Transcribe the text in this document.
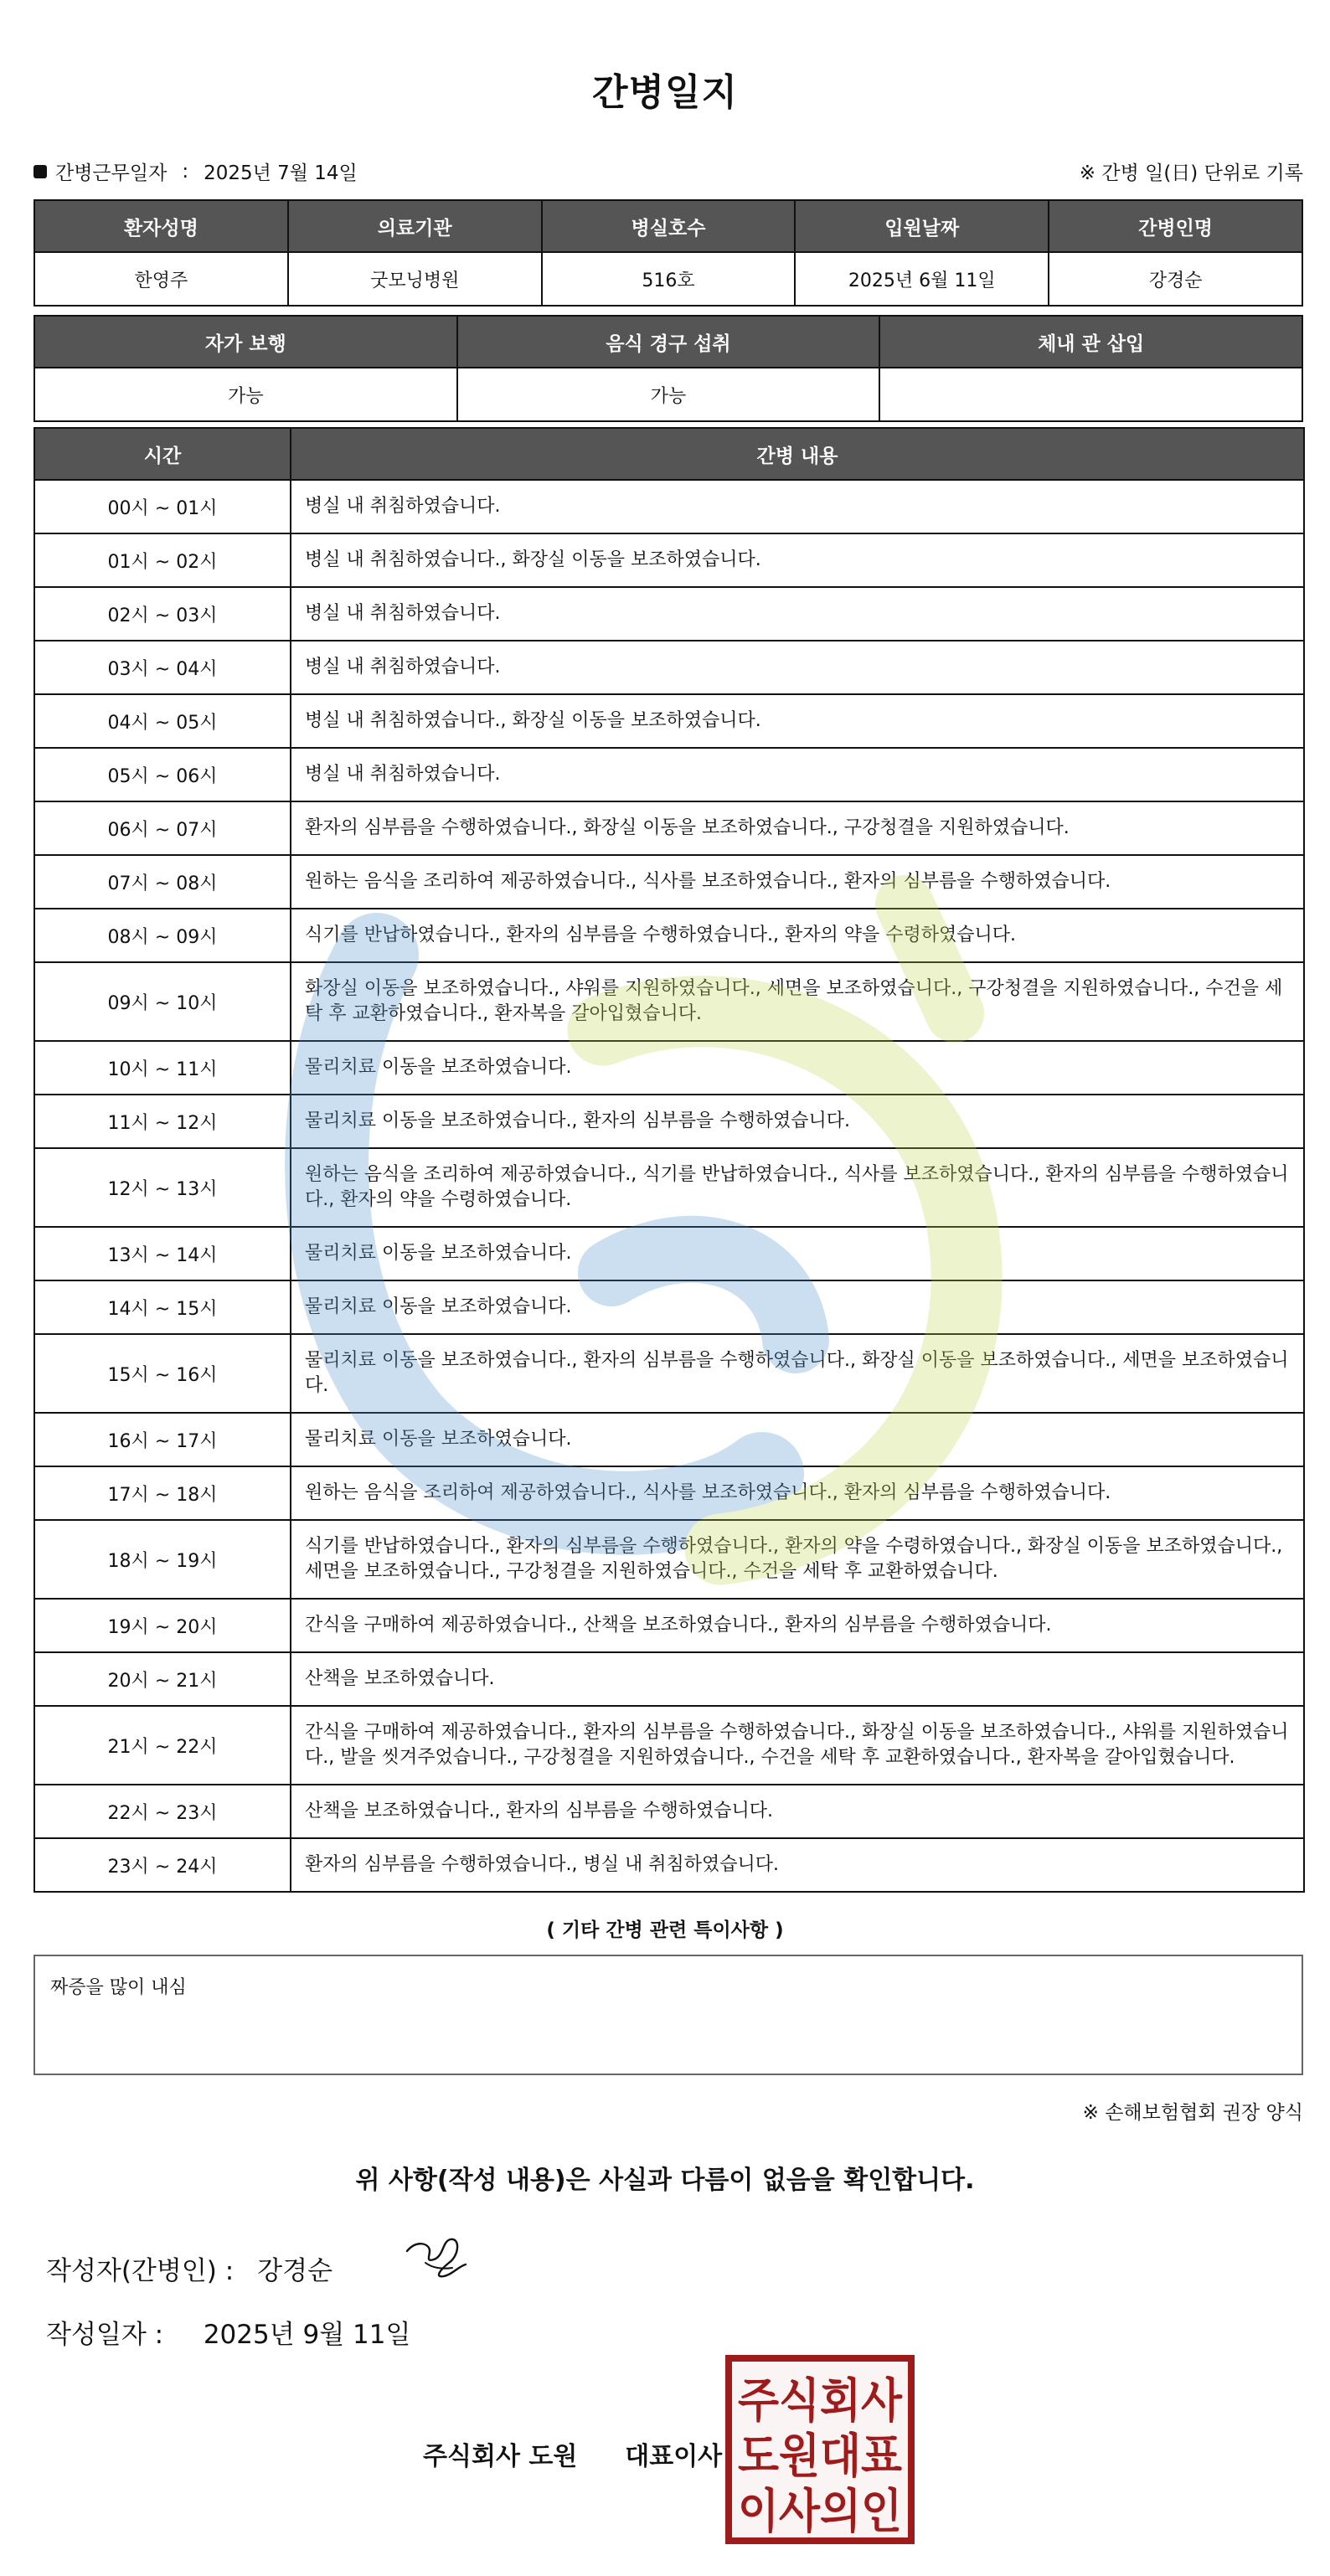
간병일지
간병근무일자 : 2025년 7월 14일	※ 간병 일(日) 단위로 기록
환자성명	의료기관	병실호수	입원날짜	간병인명
한영주	굿모닝병원	516호	2025년 6월 11일	강경순
자가 보행	음식 경구 섭취	체내 관 삽입
가능	가능	
시간	간병 내용
00시 ~ 01시	병실 내 취침하였습니다.
01시 ~ 02시	병실 내 취침하였습니다., 화장실 이동을 보조하였습니다.
02시 ~ 03시	병실 내 취침하였습니다.
03시 ~ 04시	병실 내 취침하였습니다.
04시 ~ 05시	병실 내 취침하였습니다., 화장실 이동을 보조하였습니다.
05시 ~ 06시	병실 내 취침하였습니다.
06시 ~ 07시	환자의 심부름을 수행하였습니다., 화장실 이동을 보조하였습니다., 구강청결을 지원하였습니다.
07시 ~ 08시	원하는 음식을 조리하여 제공하였습니다., 식사를 보조하였습니다., 환자의 심부름을 수행하였습니다.
08시 ~ 09시	식기를 반납하였습니다., 환자의 심부름을 수행하였습니다., 환자의 약을 수령하였습니다.
09시 ~ 10시	화장실 이동을 보조하였습니다., 샤워를 지원하였습니다., 세면을 보조하였습니다., 구강청결을 지원하였습니다., 수건을 세탁 후 교환하였습니다., 환자복을 갈아입혔습니다.
10시 ~ 11시	물리치료 이동을 보조하였습니다.
11시 ~ 12시	물리치료 이동을 보조하였습니다., 환자의 심부름을 수행하였습니다.
12시 ~ 13시	원하는 음식을 조리하여 제공하였습니다., 식기를 반납하였습니다., 식사를 보조하였습니다., 환자의 심부름을 수행하였습니다., 환자의 약을 수령하였습니다.
13시 ~ 14시	물리치료 이동을 보조하였습니다.
14시 ~ 15시	물리치료 이동을 보조하였습니다.
15시 ~ 16시	물리치료 이동을 보조하였습니다., 환자의 심부름을 수행하였습니다., 화장실 이동을 보조하였습니다., 세면을 보조하였습니다.
16시 ~ 17시	물리치료 이동을 보조하였습니다.
17시 ~ 18시	원하는 음식을 조리하여 제공하였습니다., 식사를 보조하였습니다., 환자의 심부름을 수행하였습니다.
18시 ~ 19시	식기를 반납하였습니다., 환자의 심부름을 수행하였습니다., 환자의 약을 수령하였습니다., 화장실 이동을 보조하였습니다., 세면을 보조하였습니다., 구강청결을 지원하였습니다., 수건을 세탁 후 교환하였습니다.
19시 ~ 20시	간식을 구매하여 제공하였습니다., 산책을 보조하였습니다., 환자의 심부름을 수행하였습니다.
20시 ~ 21시	산책을 보조하였습니다.
21시 ~ 22시	간식을 구매하여 제공하였습니다., 환자의 심부름을 수행하였습니다., 화장실 이동을 보조하였습니다., 샤워를 지원하였습니다., 발을 씻겨주었습니다., 구강청결을 지원하였습니다., 수건을 세탁 후 교환하였습니다., 환자복을 갈아입혔습니다.
22시 ~ 23시	산책을 보조하였습니다., 환자의 심부름을 수행하였습니다.
23시 ~ 24시	환자의 심부름을 수행하였습니다., 병실 내 취침하였습니다.
( 기타 간병 관련 특이사항 )
짜증을 많이 내심
※ 손해보험협회 권장 양식
위 사항(작성 내용)은 사실과 다름이 없음을 확인합니다.
작성자(간병인) : 강경순
작성일자 : 2025년 9월 11일
주식회사 도원 대표이사
주식회사
도원대표
이사의인
